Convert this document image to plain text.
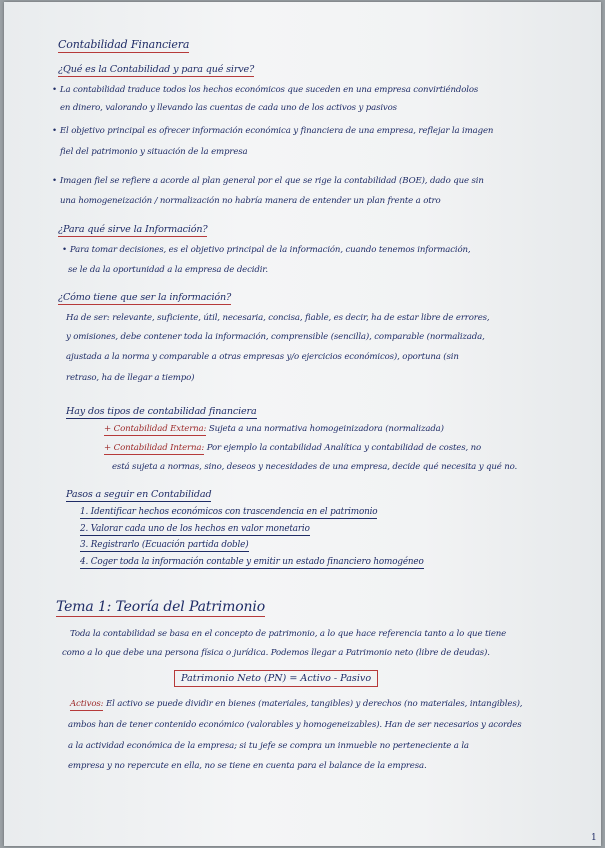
Contabilidad Financiera
¿Qué es la Contabilidad y para qué sirve?
• La contabilidad traduce todos los hechos económicos que suceden en una empresa convirtiéndolos
en dinero, valorando y llevando las cuentas de cada uno de los activos y pasivos
• El objetivo principal es ofrecer información económica y financiera de una empresa, reflejar la imagen
fiel del patrimonio y situación de la empresa
• Imagen fiel se refiere a acorde al plan general por el que se rige la contabilidad (BOE), dado que sin
una homogeneización / normalización no habría manera de entender un plan frente a otro
¿Para qué sirve la Información?
• Para tomar decisiones, es el objetivo principal de la información, cuando tenemos información,
se le da la oportunidad a la empresa de decidir.
¿Cómo tiene que ser la información?
Ha de ser: relevante, suficiente, útil, necesaria, concisa, fiable, es decir, ha de estar libre de errores,
y omisiones, debe contener toda la información, comprensible (sencilla), comparable (normalizada,
ajustada a la norma y comparable a otras empresas y/o ejercicios económicos), oportuna (sin
retraso, ha de llegar a tiempo)
Hay dos tipos de contabilidad financiera
+ Contabilidad Externa: Sujeta a una normativa homogeinizadora (normalizada)
+ Contabilidad Interna: Por ejemplo la contabilidad Analítica y contabilidad de costes, no
está sujeta a normas, sino, deseos y necesidades de una empresa, decide qué necesita y qué no.
Pasos a seguir en Contabilidad
1. Identificar hechos económicos con trascendencia en el patrimonio
2. Valorar cada uno de los hechos en valor monetario
3. Registrarlo (Ecuación partida doble)
4. Coger toda la información contable y emitir un estado financiero homogéneo
Tema 1: Teoría del Patrimonio
Toda la contabilidad se basa en el concepto de patrimonio, a lo que hace referencia tanto a lo que tiene
como a lo que debe una persona física o jurídica. Podemos llegar a Patrimonio neto (libre de deudas).
Patrimonio Neto (PN) = Activo - Pasivo
Activos: El activo se puede dividir en bienes (materiales, tangibles) y derechos (no materiales, intangibles),
ambos han de tener contenido económico (valorables y homogeneizables). Han de ser necesarios y acordes
a la actividad económica de la empresa; si tu jefe se compra un inmueble no perteneciente a la
empresa y no repercute en ella, no se tiene en cuenta para el balance de la empresa.
1
